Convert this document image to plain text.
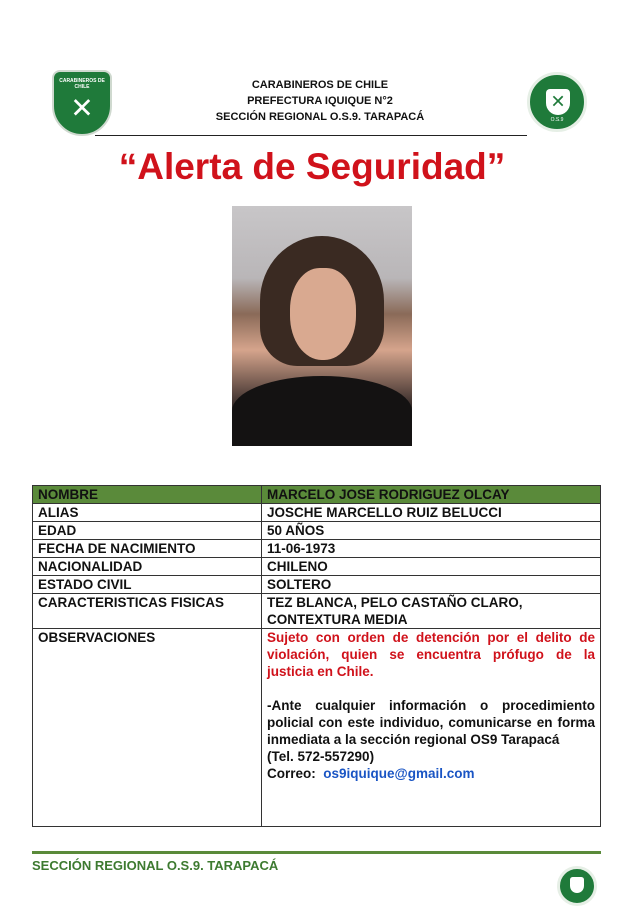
CARABINEROS DE CHILE
✕
CARABINEROS DE CHILE
PREFECTURA IQUIQUE N°2
SECCIÓN REGIONAL O.S.9. TARAPACÁ
✕
O.S.9
“Alerta de Seguridad”
NOMBRE	MARCELO JOSE RODRIGUEZ OLCAY
ALIAS	JOSCHE MARCELLO RUIZ BELUCCI
EDAD	50 AÑOS
FECHA DE NACIMIENTO	11-06-1973
NACIONALIDAD	CHILENO
ESTADO CIVIL	SOLTERO
CARACTERISTICAS FISICAS	TEZ BLANCA, PELO CASTAÑO CLARO, CONTEXTURA MEDIA
OBSERVACIONES	Sujeto con orden de detención por el delito de violación, quien se encuentra prófugo de la justicia en Chile.
-Ante cualquier información o procedimiento policial con este individuo, comunicarse en forma inmediata a la sección regional OS9 Tarapacá
(Tel. 572-557290)
Correo: os9iquique@gmail.com
SECCIÓN REGIONAL O.S.9. TARAPACÁ
